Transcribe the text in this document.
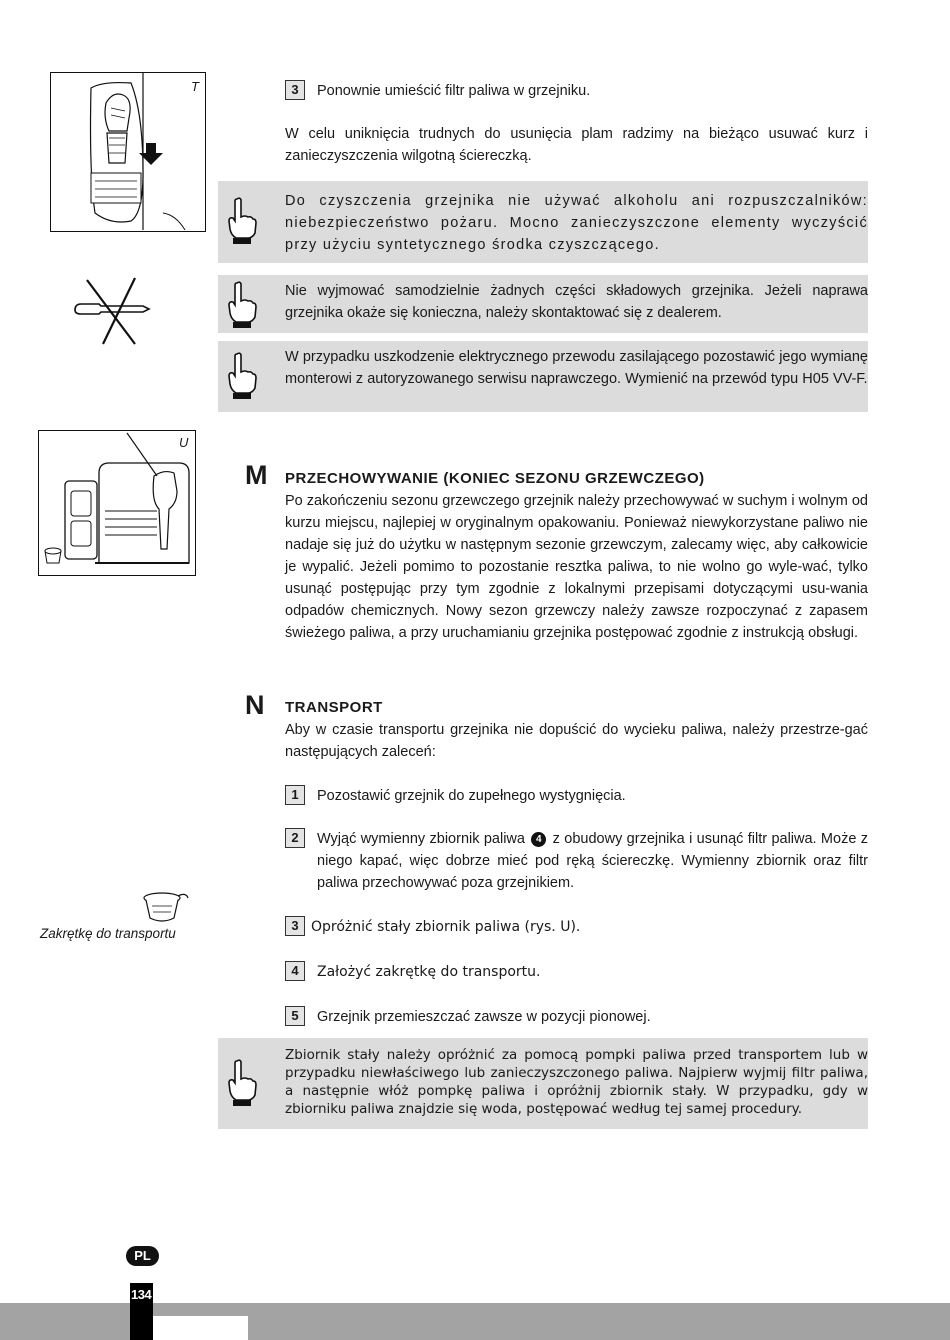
T	3	Ponownie umieścić filtr paliwa w grzejniku.

W celu uniknięcia trudnych do usunięcia plam radzimy na bieżąco usuwać kurz i zanieczyszczenia wilgotną ściereczką.

Do czyszczenia grzejnika nie używać alkoholu ani rozpuszczalników: niebezpieczeństwo pożaru. Mocno zanieczyszczone elementy wyczyścić przy użyciu syntetycznego środka czyszczącego.
Nie wyjmować samodzielnie żadnych części składowych grzejnika. Jeżeli naprawa grzejnika okaże się konieczna, należy skontaktować się z dealerem.
W przypadku uszkodzenie elektrycznego przewodu zasilającego pozostawić jego wymianę monterowi z autoryzowanego serwisu naprawczego. Wymienić na przewód typu H05 VV-F.
U
M PRZECHOWYWANIE (KONIEC SEZONU GRZEWCZEGO)

Po zakończeniu sezonu grzewczego grzejnik należy przechowywać w suchym i wolnym od kurzu miejscu, najlepiej w oryginalnym opakowaniu. Ponieważ niewykorzystane paliwo nie nadaje się już do użytku w następnym sezonie grzewczym, zalecamy więc, aby całkowicie je wypalić. Jeżeli pomimo to pozostanie resztka paliwa, to nie wolno go wyle-wać, tylko usunąć postępując przy tym zgodnie z lokalnymi przepisami dotyczącymi usu-wania odpadów chemicznych. Nowy sezon grzewczy należy zawsze rozpoczynać z zapasem świeżego paliwa, a przy uruchamianiu grzejnika postępować zgodnie z instrukcją obsługi.

N TRANSPORT

Aby w czasie transportu grzejnika nie dopuścić do wycieku paliwa, należy przestrze-gać następujących zaleceń:

1	Pozostawić grzejnik do zupełnego wystygnięcia.
2	Wyjąć wymienny zbiornik paliwa 4 z obudowy grzejnika i usunąć filtr paliwa. Może z niego kapać, więc dobrze mieć pod ręką ściereczkę. Wymienny zbiornik oraz filtr paliwa przechowywać poza grzejnikiem.
Zakrętkę do transportu
3 Opróżnić stały zbiornik paliwa (rys. U).
4	Założyć zakrętkę do transportu.
5	Grzejnik przemieszczać zawsze w pozycji pionowej.
Zbiornik stały należy opróżnić za pomocą pompki paliwa przed transportem lub w przypadku niewłaściwego lub zanieczyszczonego paliwa. Najpierw wyjmij filtr paliwa, a następnie włóż pompkę paliwa i opróżnij zbiornik stały. W przypadku, gdy w zbiorniku paliwa znajdzie się woda, postępować według tej samej procedury.
PL
134
